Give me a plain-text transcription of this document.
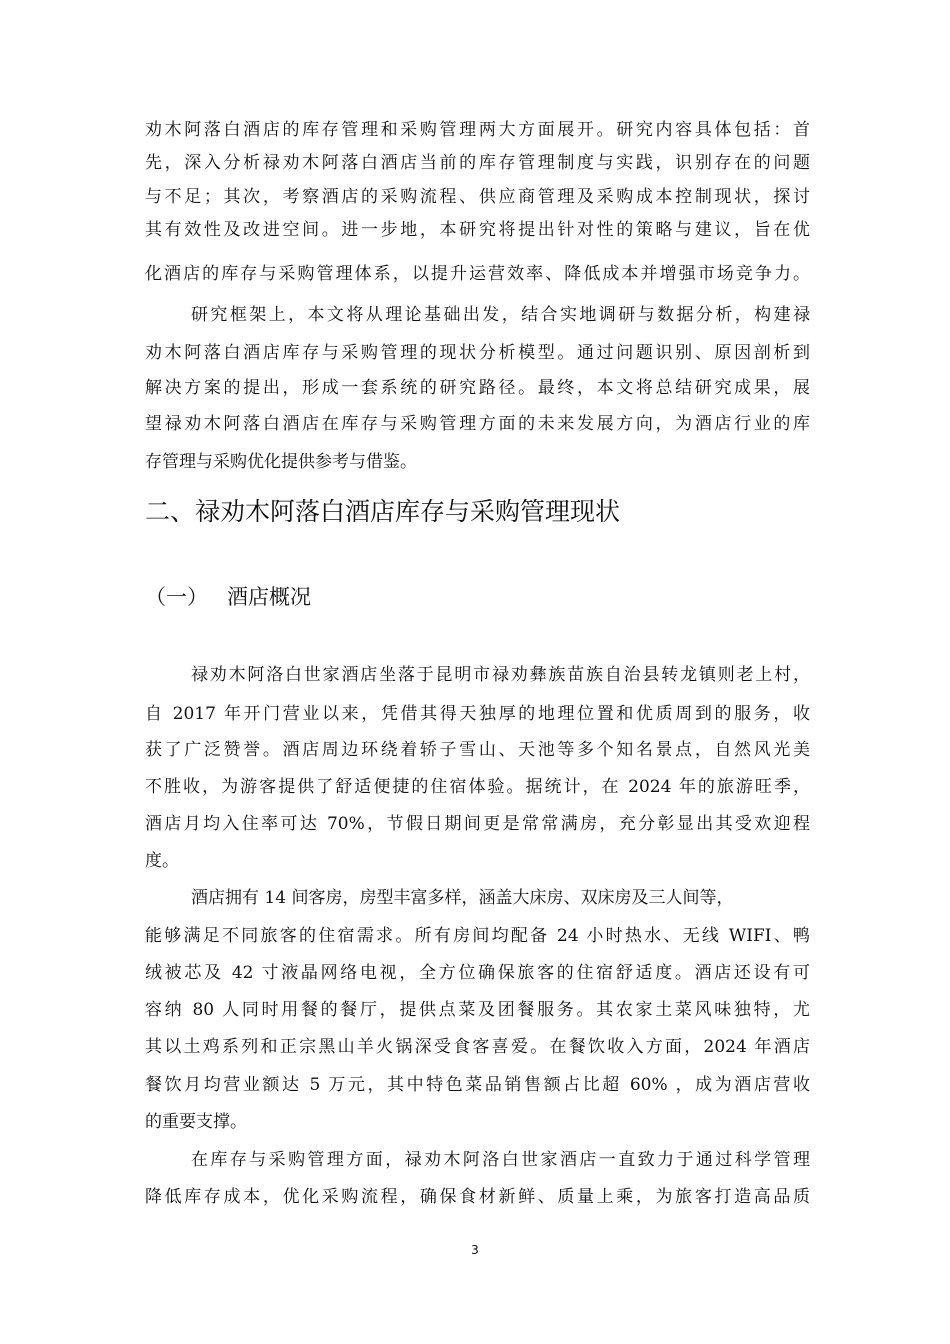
劝木阿落白酒店的库存管理和采购管理两大方面展开。研究内容具体包括：首
先，深入分析禄劝木阿落白酒店当前的库存管理制度与实践，识别存在的问题
与不足；其次，考察酒店的采购流程、供应商管理及采购成本控制现状，探讨
其有效性及改进空间。进一步地，本研究将提出针对性的策略与建议，旨在优
化酒店的库存与采购管理体系，以提升运营效率、降低成本并增强市场竞争力。
研究框架上，本文将从理论基础出发，结合实地调研与数据分析，构建禄
劝木阿落白酒店库存与采购管理的现状分析模型。通过问题识别、原因剖析到
解决方案的提出，形成一套系统的研究路径。最终，本文将总结研究成果，展
望禄劝木阿落白酒店在库存与采购管理方面的未来发展方向，为酒店行业的库
存管理与采购优化提供参考与借鉴。
二、禄劝木阿落白酒店库存与采购管理现状
（一） 酒店概况
禄劝木阿洛白世家酒店坐落于昆明市禄劝彝族苗族自治县转龙镇则老上村，
自 2017 年开门营业以来，凭借其得天独厚的地理位置和优质周到的服务，收
获了广泛赞誉。酒店周边环绕着轿子雪山、天池等多个知名景点，自然风光美
不胜收，为游客提供了舒适便捷的住宿体验。据统计，在 2024 年的旅游旺季，
酒店月均入住率可达 70%，节假日期间更是常常满房，充分彰显出其受欢迎程
度。
酒店拥有 14 间客房，房型丰富多样，涵盖大床房、双床房及三人间等，
能够满足不同旅客的住宿需求。所有房间均配备 24 小时热水、无线 WIFI、鸭
绒被芯及 42 寸液晶网络电视，全方位确保旅客的住宿舒适度。酒店还设有可
容纳 80 人同时用餐的餐厅，提供点菜及团餐服务。其农家土菜风味独特，尤
其以土鸡系列和正宗黑山羊火锅深受食客喜爱。在餐饮收入方面，2024 年酒店
餐饮月均营业额达 5 万元，其中特色菜品销售额占比超 60% ，成为酒店营收
的重要支撑。
在库存与采购管理方面，禄劝木阿洛白世家酒店一直致力于通过科学管理
降低库存成本，优化采购流程，确保食材新鲜、质量上乘，为旅客打造高品质
3
